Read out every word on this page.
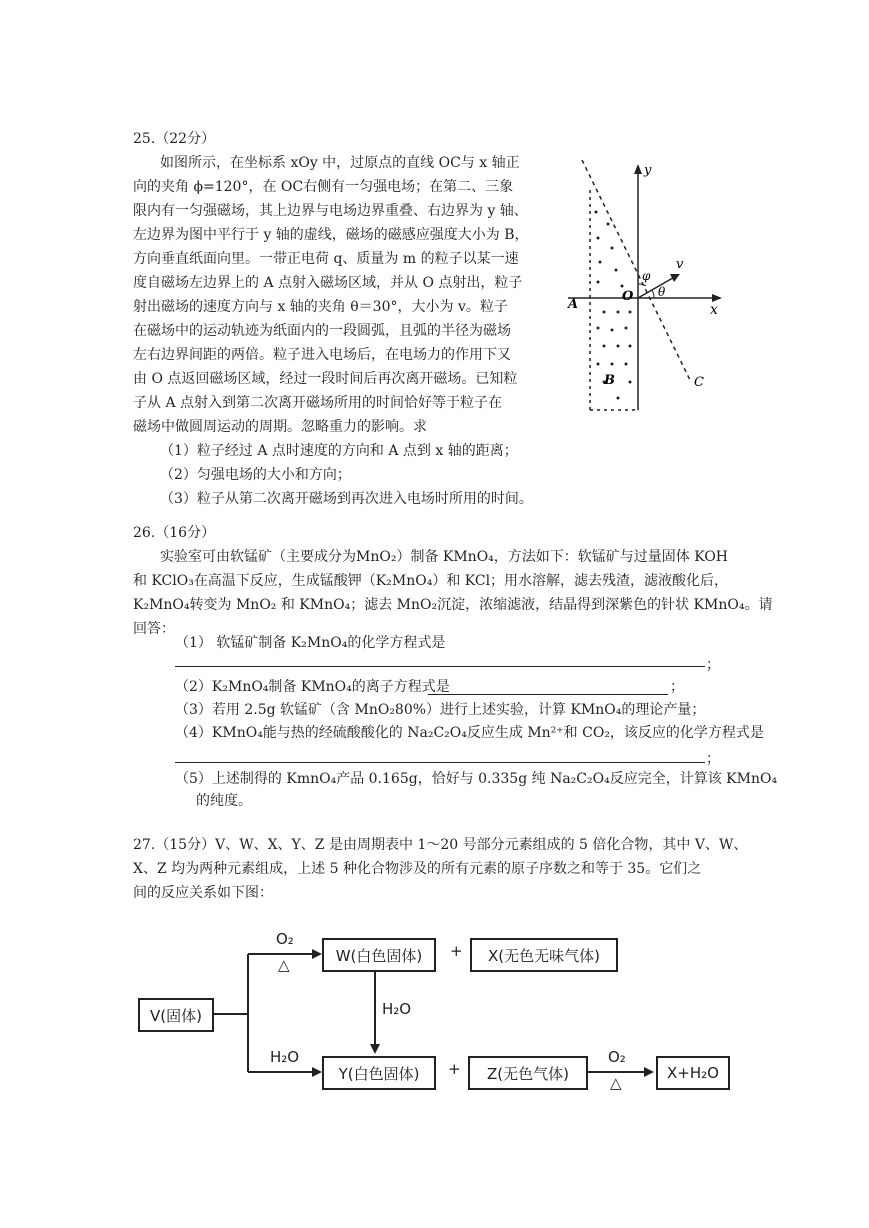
25.（22分）
如图所示，在坐标系 xOy 中，过原点的直线 OC与 x 轴正
向的夹角 ϕ=120°，在 OC右侧有一匀强电场；在第二、三象
限内有一匀强磁场，其上边界与电场边界重叠、右边界为 y 轴、
左边界为图中平行于 y 轴的虚线，磁场的磁感应强度大小为 B，
方向垂直纸面向里。一带正电荷 q、质量为 m 的粒子以某一速
度自磁场左边界上的 A 点射入磁场区域，并从 O 点射出，粒子
射出磁场的速度方向与 x 轴的夹角 θ＝30°，大小为 v。粒子
在磁场中的运动轨迹为纸面内的一段圆弧，且弧的半径为磁场
左右边界间距的两倍。粒子进入电场后，在电场力的作用下又
由 O 点返回磁场区域，经过一段时间后再次离开磁场。已知粒
子从 A 点射入到第二次离开磁场所用的时间恰好等于粒子在
磁场中做圆周运动的周期。忽略重力的影响。求
（1）粒子经过 A 点时速度的方向和 A 点到 x 轴的距离；
（2）匀强电场的大小和方向；
（3）粒子从第二次离开磁场到再次进入电场时所用的时间。
y
x
O
A
B	C
φ
θ
v
26.（16分）
实验室可由软锰矿（主要成分为MnO₂）制备 KMnO₄，方法如下：软锰矿与过量固体 KOH
和 KClO₃在高温下反应，生成锰酸钾（K₂MnO₄）和 KCl；用水溶解，滤去残渣，滤液酸化后，
K₂MnO₄转变为 MnO₂ 和 KMnO₄；滤去 MnO₂沉淀，浓缩滤液，结晶得到深紫色的针状 KMnO₄。请
回答：
（1） 软锰矿制备 K₂MnO₄的化学方程式是
；
（2）K₂MnO₄制备 KMnO₄的离子方程式是	；
（3）若用 2.5g 软锰矿（含 MnO₂80%）进行上述实验，计算 KMnO₄的理论产量；
（4）KMnO₄能与热的经硫酸酸化的 Na₂C₂O₄反应生成 Mn²⁺和 CO₂，该反应的化学方程式是
；
（5）上述制得的 KmnO₄产品 0.165g，恰好与 0.335g 纯 Na₂C₂O₄反应完全，计算该 KMnO₄
的纯度。
27.（15分）V、W、X、Y、Z 是由周期表中 1～20 号部分元素组成的 5 倍化合物，其中 V、W、
X、Z 均为两种元素组成，上述 5 种化合物涉及的所有元素的原子序数之和等于 35。它们之
间的反应关系如下图：
V(固体)
W(白色固体)	+	X(无色无味气体)
Y(白色固体)	+	Z(无色气体)	X+H₂O
O₂
△
H₂O
H₂O	O₂
△
